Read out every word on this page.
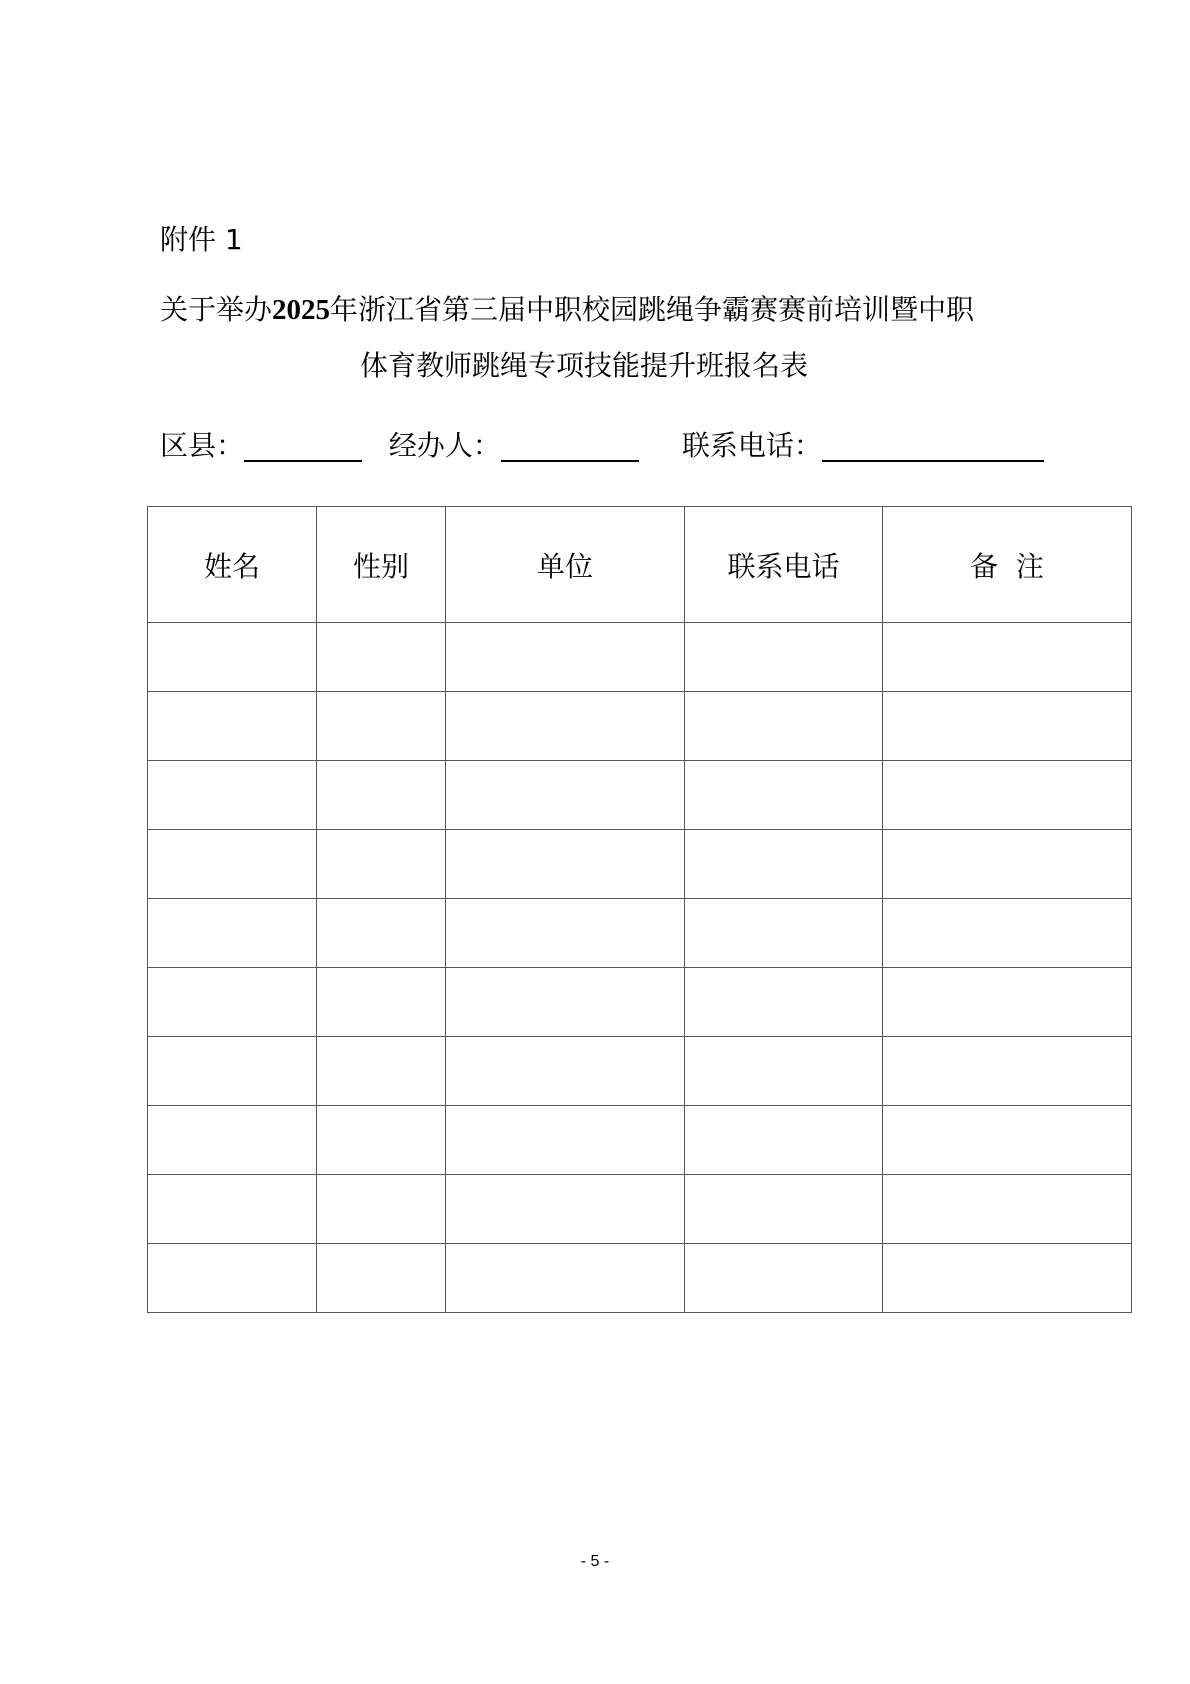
附件 1
关于举办2025年浙江省第三届中职校园跳绳争霸赛赛前培训暨中职
体育教师跳绳专项技能提升班报名表
区县：	经办人：	联系电话：
姓名	性别	单位	联系电话	备  注

- 5 -
